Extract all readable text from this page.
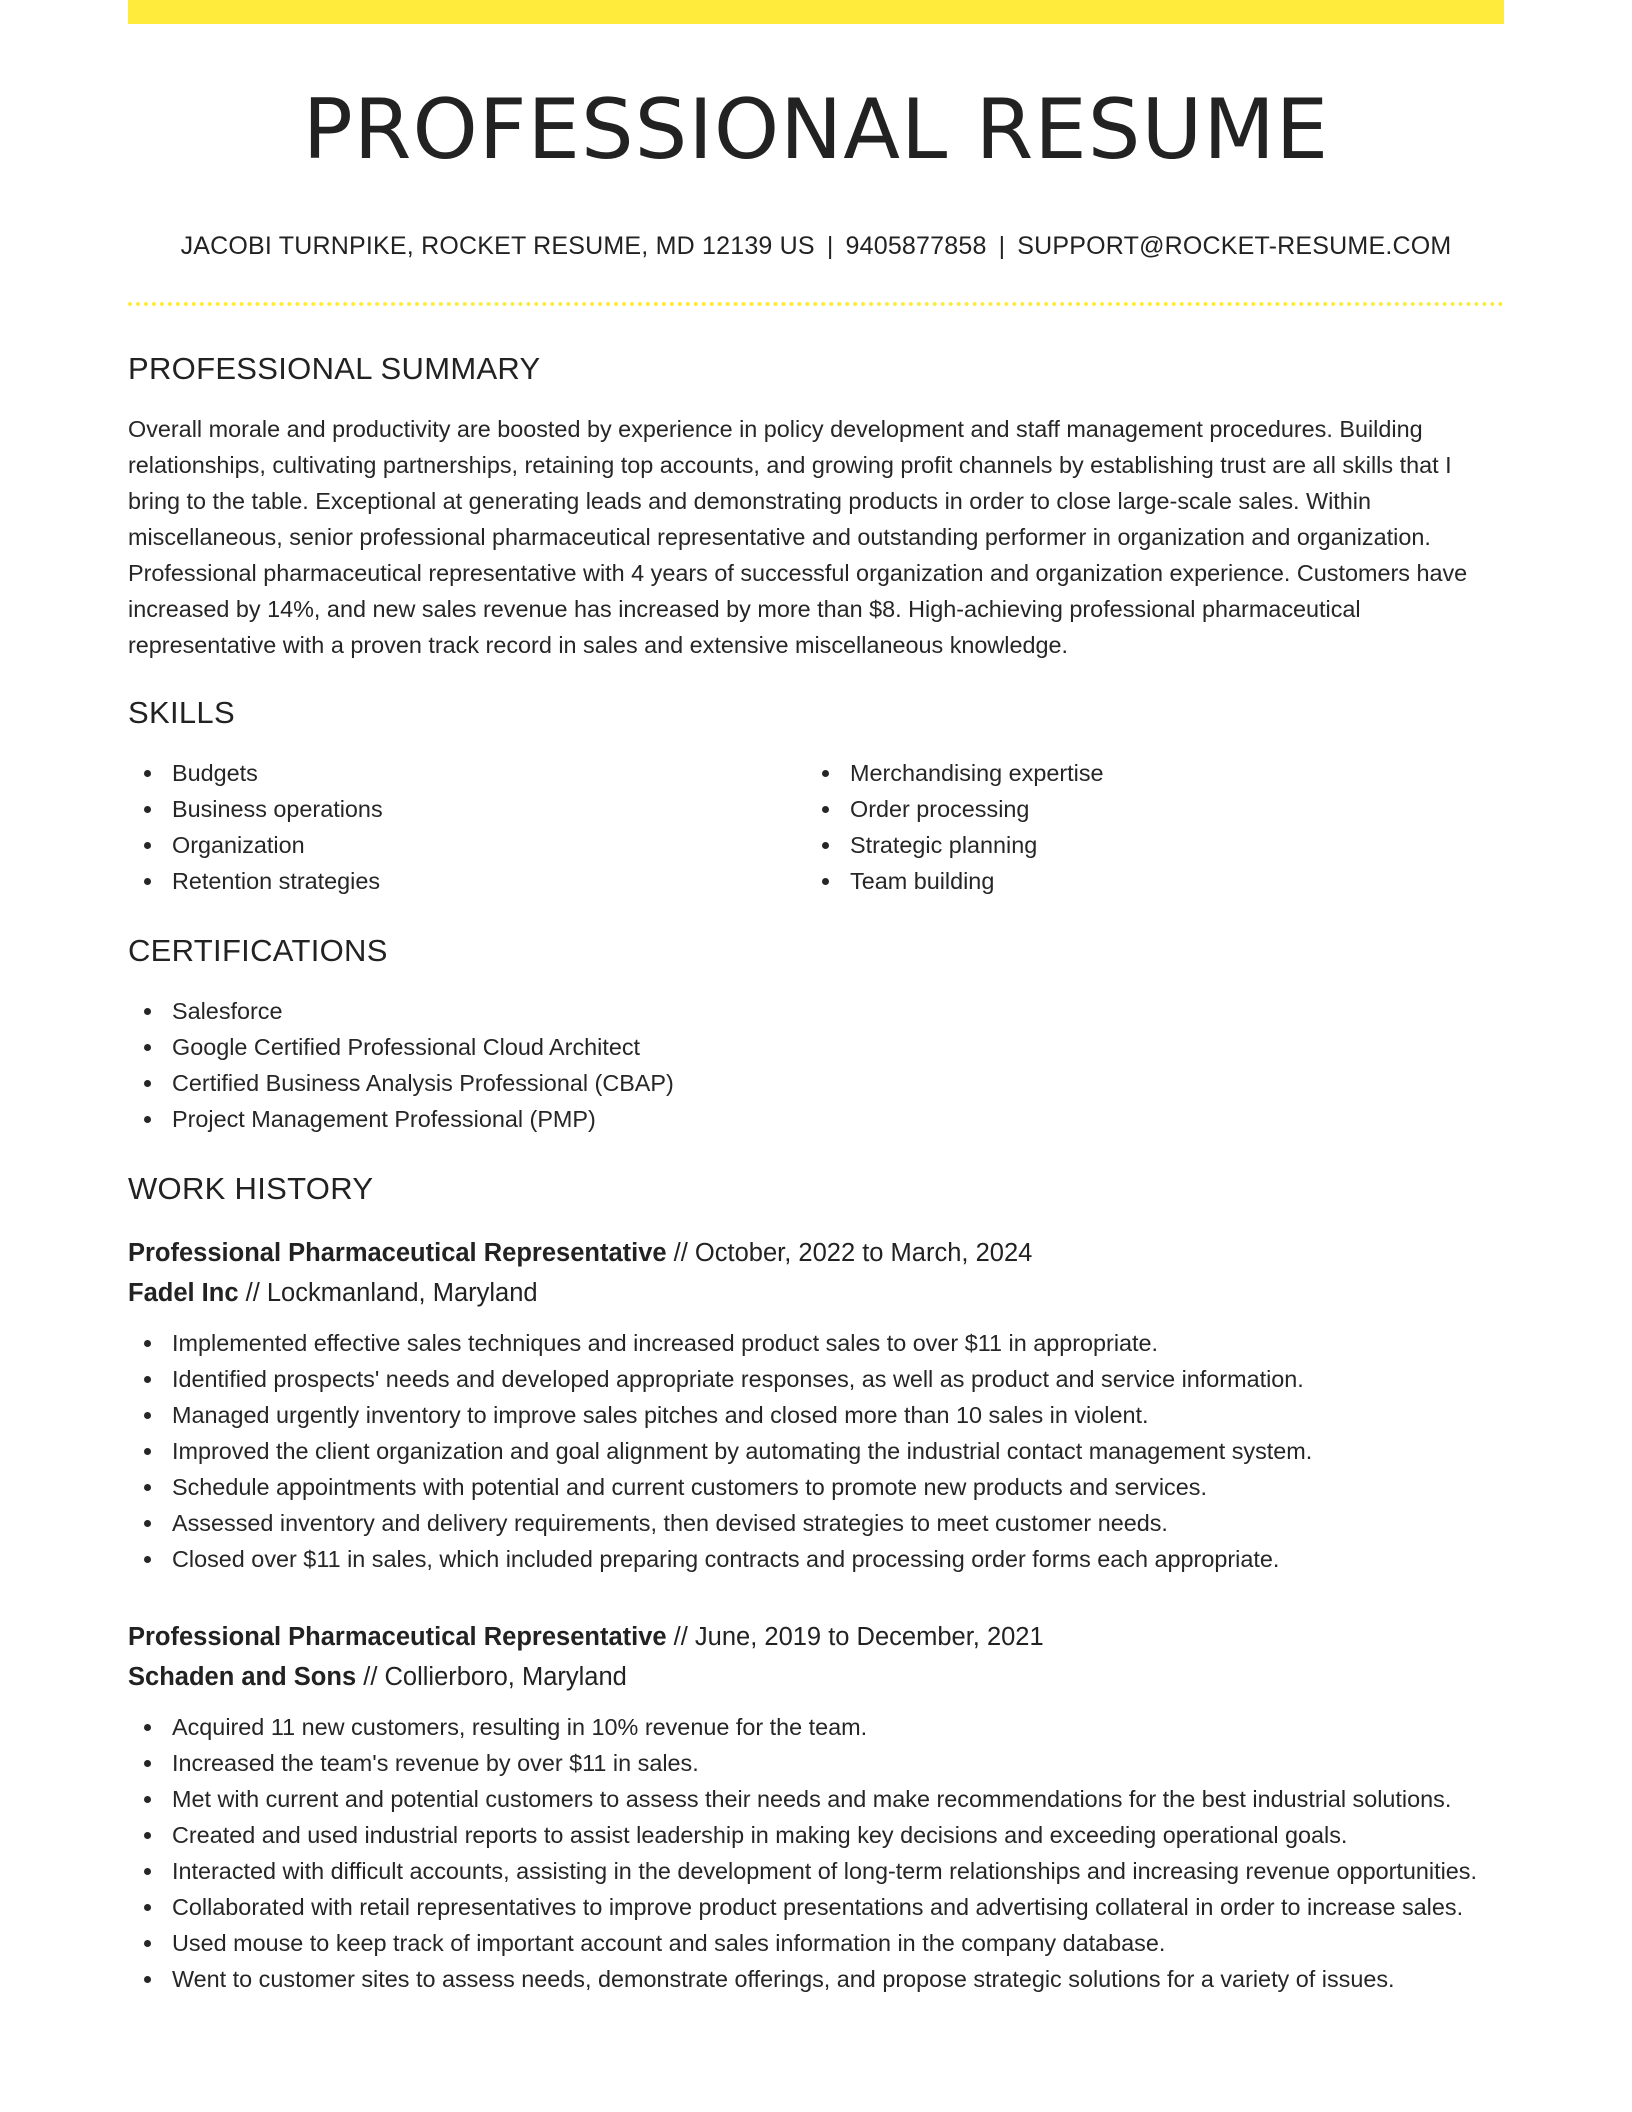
PROFESSIONAL RESUME
JACOBI TURNPIKE, ROCKET RESUME, MD 12139 US | 9405877858 | SUPPORT@ROCKET-RESUME.COM
PROFESSIONAL SUMMARY

Overall morale and productivity are boosted by experience in policy development and staff management procedures. Building relationships, cultivating partnerships, retaining top accounts, and growing profit channels by establishing trust are all skills that I bring to the table. Exceptional at generating leads and demonstrating products in order to close large-scale sales. Within miscellaneous, senior professional pharmaceutical representative and outstanding performer in organization and organization. Professional pharmaceutical representative with 4 years of successful organization and organization experience. Customers have increased by 14%, and new sales revenue has increased by more than $8. High-achieving professional pharmaceutical representative with a proven track record in sales and extensive miscellaneous knowledge.

SKILLS
Budgets
Business operations
Organization
Retention strategies
Merchandising expertise
Order processing
Strategic planning
Team building
CERTIFICATIONS
Salesforce
Google Certified Professional Cloud Architect
Certified Business Analysis Professional (CBAP)
Project Management Professional (PMP)
WORK HISTORY
Professional Pharmaceutical Representative // October, 2022 to March, 2024
Fadel Inc // Lockmanland, Maryland
Implemented effective sales techniques and increased product sales to over $11 in appropriate.
Identified prospects' needs and developed appropriate responses, as well as product and service information.
Managed urgently inventory to improve sales pitches and closed more than 10 sales in violent.
Improved the client organization and goal alignment by automating the industrial contact management system.
Schedule appointments with potential and current customers to promote new products and services.
Assessed inventory and delivery requirements, then devised strategies to meet customer needs.
Closed over $11 in sales, which included preparing contracts and processing order forms each appropriate.
Professional Pharmaceutical Representative // June, 2019 to December, 2021
Schaden and Sons // Collierboro, Maryland
Acquired 11 new customers, resulting in 10% revenue for the team.
Increased the team's revenue by over $11 in sales.
Met with current and potential customers to assess their needs and make recommendations for the best industrial solutions.
Created and used industrial reports to assist leadership in making key decisions and exceeding operational goals.
Interacted with difficult accounts, assisting in the development of long-term relationships and increasing revenue opportunities.
Collaborated with retail representatives to improve product presentations and advertising collateral in order to increase sales.
Used mouse to keep track of important account and sales information in the company database.
Went to customer sites to assess needs, demonstrate offerings, and propose strategic solutions for a variety of issues.
